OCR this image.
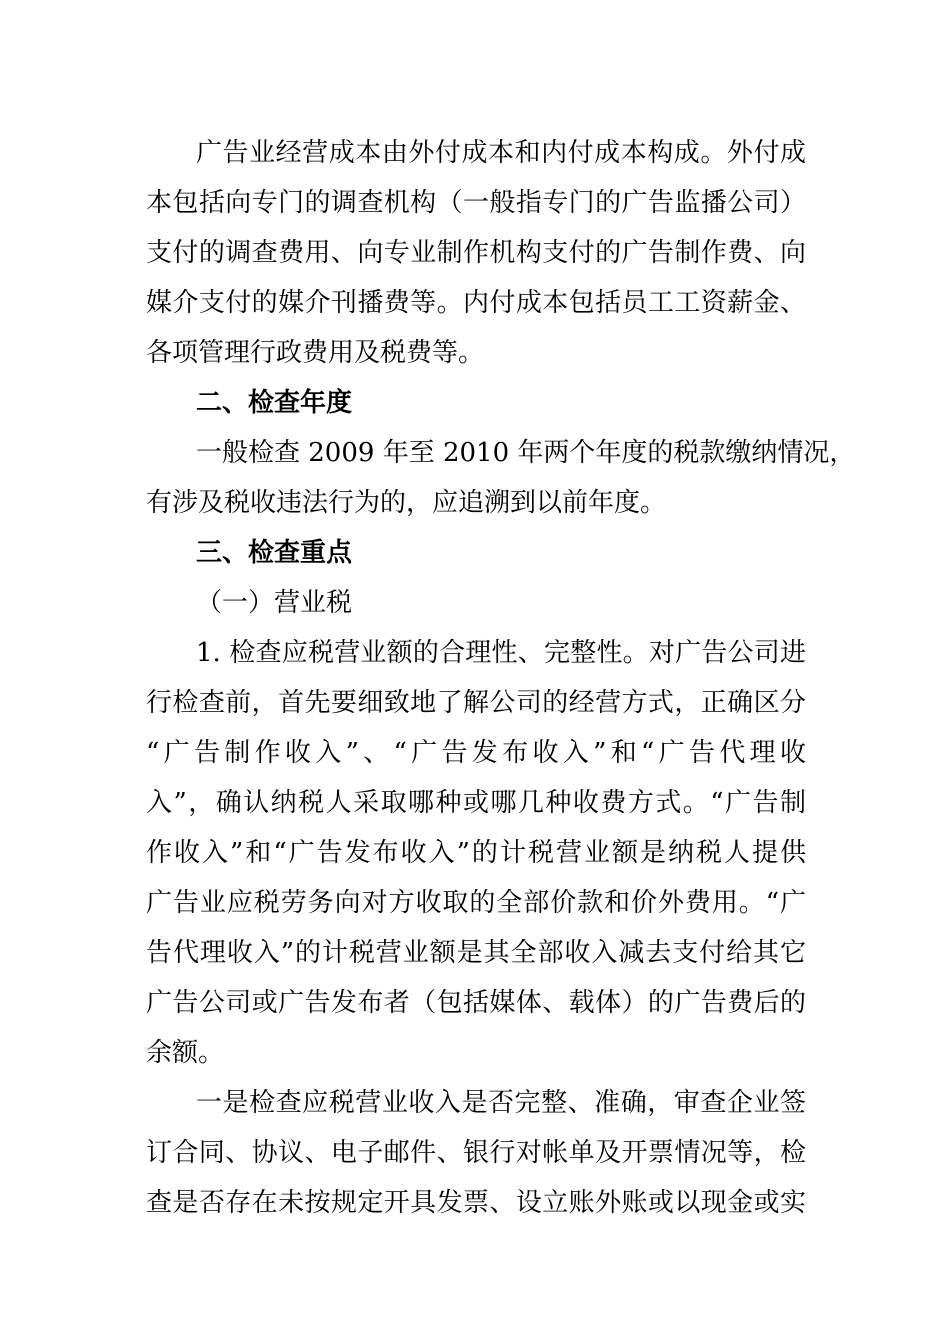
广告业经营成本由外付成本和内付成本构成。外付成
本包括向专门的调查机构（一般指专门的广告监播公司）
支付的调查费用、向专业制作机构支付的广告制作费、向
媒介支付的媒介刊播费等。内付成本包括员工工资薪金、
各项管理行政费用及税费等。
二、检查年度
一般检查 2009 年至 2010 年两个年度的税款缴纳情况，
有涉及税收违法行为的，应追溯到以前年度。
三、检查重点
（一）营业税
1. 检查应税营业额的合理性、完整性。对广告公司进
行检查前，首先要细致地了解公司的经营方式，正确区分
“广告制作收入”、“广告发布收入”和“广告代理收
入”，确认纳税人采取哪种或哪几种收费方式。“广告制
作收入”和“广告发布收入”的计税营业额是纳税人提供
广告业应税劳务向对方收取的全部价款和价外费用。“广
告代理收入”的计税营业额是其全部收入减去支付给其它
广告公司或广告发布者（包括媒体、载体）的广告费后的
余额。
一是检查应税营业收入是否完整、准确，审查企业签
订合同、协议、电子邮件、银行对帐单及开票情况等，检
查是否存在未按规定开具发票、设立账外账或以现金或实
